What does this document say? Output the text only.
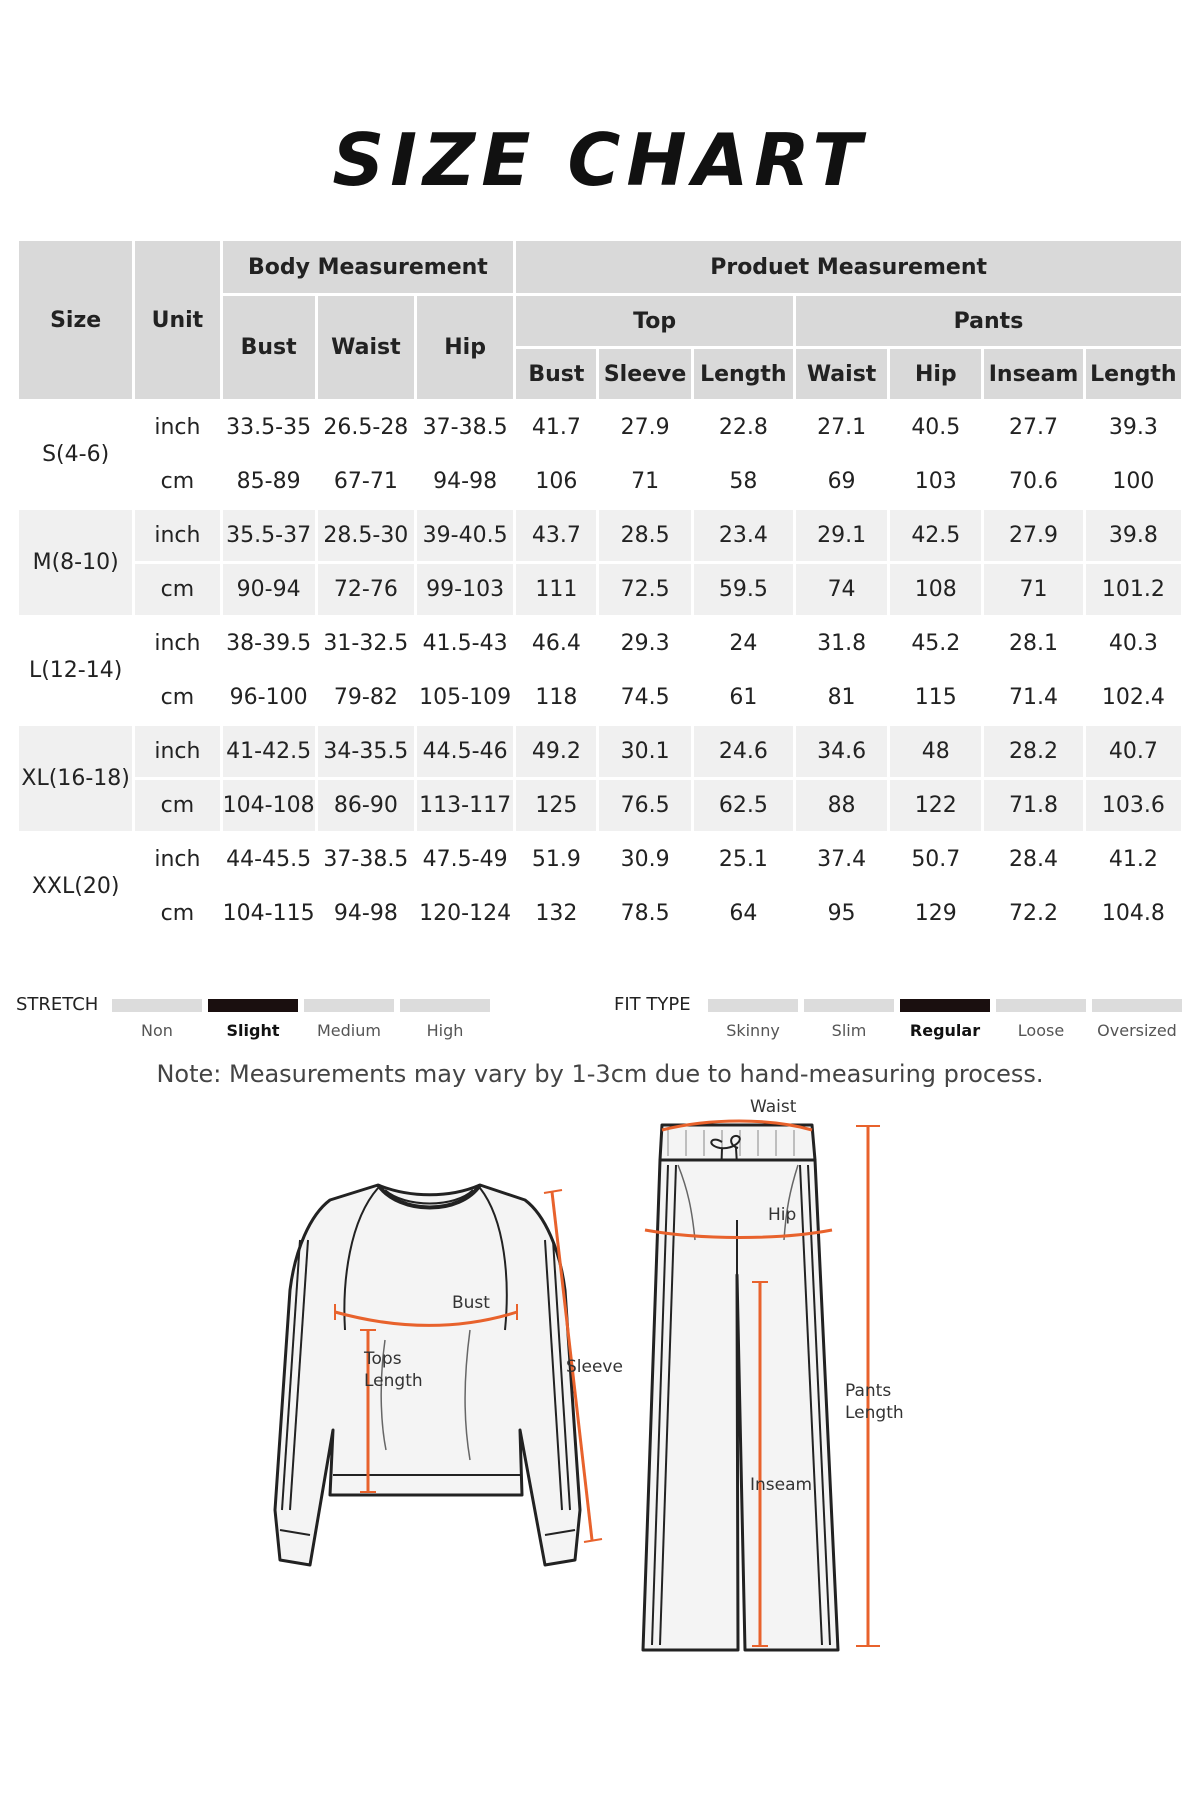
SIZE CHART
Size	Unit	Body Measurement			Produet Measurement						
		Bust	Waist	Hip	Top			Pants			
					Bust	Sleeve	Length	Waist	Hip	Inseam	Length
S(4-6)	inch	33.5-35	26.5-28	37-38.5	41.7	27.9	22.8	27.1	40.5	27.7	39.3
	cm	85-89	67-71	94-98	106	71	58	69	103	70.6	100
M(8-10)	inch	35.5-37	28.5-30	39-40.5	43.7	28.5	23.4	29.1	42.5	27.9	39.8
	cm	90-94	72-76	99-103	111	72.5	59.5	74	108	71	101.2
L(12-14)	inch	38-39.5	31-32.5	41.5-43	46.4	29.3	24	31.8	45.2	28.1	40.3
	cm	96-100	79-82	105-109	118	74.5	61	81	115	71.4	102.4
XL(16-18)	inch	41-42.5	34-35.5	44.5-46	49.2	30.1	24.6	34.6	48	28.2	40.7
	cm	104-108	86-90	113-117	125	76.5	62.5	88	122	71.8	103.6
XXL(20)	inch	44-45.5	37-38.5	47.5-49	51.9	30.9	25.1	37.4	50.7	28.4	41.2
	cm	104-115	94-98	120-124	132	78.5	64	95	129	72.2	104.8
STRETCH
Non	Slight	Medium	High
FIT TYPE
Skinny	Slim	Regular	Loose	Oversized
Note: Measurements may vary by 1-3cm due to hand-measuring process.
Bust
Tops
Length
Sleeve
Waist
Hip
Inseam
Pants
Length
